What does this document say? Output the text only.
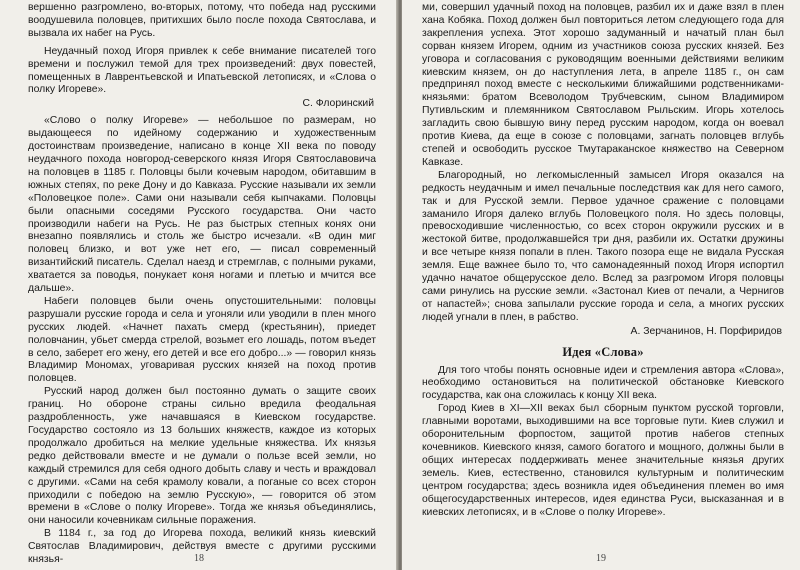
вершенно разгромлено, во-вторых, потому, что победа над русскими воодушевила половцев, притихших было после похода Святослава, и вызвала их набег на Русь.

Неудачный поход Игоря привлек к себе внимание писателей того времени и послужил темой для трех произведений: двух повестей, помещенных в Лаврентьевской и Ипатьевской летописях, и «Слова о полку Игореве».

С. Флоринский

«Слово о полку Игореве» — небольшое по размерам, но выдающееся по идейному содержанию и художественным достоинствам произведение, написано в конце XII века по поводу неудачного похода новгород-северского князя Игоря Святославовича на половцев в 1185 г. Половцы были кочевым народом, обитавшим в южных степях, по реке Дону и до Кавказа. Русские называли их земли «Половецкое поле». Сами они называли себя кыпчаками. Половцы были опасными соседями Русского государства. Они часто производили набеги на Русь. Не раз быстрых степных конях они внезапно появлялись и столь же быстро исчезали. «В один миг половец близко, и вот уже нет его, — писал современный византийский писатель. Сделал наезд и стремглав, с полными руками, хватается за поводья, понукает коня ногами и плетью и мчится все дальше».

Набеги половцев были очень опустошительными: половцы разрушали русские города и села и угоняли или уводили в плен много русских людей. «Начнет пахать смерд (крестьянин), приедет половчанин, убьет смерда стрелой, возьмет его лошадь, потом въедет в село, заберет его жену, его детей и все его добро...» — говорил князь Владимир Мономах, уговаривая русских князей на поход против половцев.

Русский народ должен был постоянно думать о защите своих границ. Но оборонe страны сильно вредила феодальная раздробленность, уже начавшаяся в Киевском государстве. Государство состояло из 13 больших княжеств, каждое из которых продолжало дробиться на мелкие удельные княжества. Их князья редко действовали вместе и не думали о пользе всей земли, но каждый стремился для себя одного добыть славу и честь и враждовал с другими. «Сами на себя крамолу ковали, а поганые со всех сторон приходили с победою на землю Русскую», — говорится об этом времени в «Слове о полку Игореве». Тогда же князья объединялись, они наносили кочевникам сильные поражения.

В 1184 г., за год до Игорева похода, великий князь киевский Святослав Владимирович, действуя вместе с другими русскими князья-	18

ми, совершил удачный поход на половцев, разбил их и даже взял в плен хана Кобяка. Поход должен был повториться летом следующего года для закрепления успеха. Этот хорошо задуманный и начатый план был сорван князем Игорем, одним из участников союза русских князей. Без уговора и согласования с руководящим военными действиями великим киевским князем, он до наступления лета, в апреле 1185 г., он сам предпринял поход вместе с несколькими ближайшими родственниками-князьями: братом Всеволодом Трубчевским, сыном Владимиром Путивльским и племянником Святославом Рыльским. Игорь хотелось загладить свою бывшую вину перед русским народом, когда он воевал против Киева, да еще в союзе с половцами, загнать половцев вглубь степей и освободить русское Тмутараканское княжество на Северном Кавказе.

Благородный, но легкомысленный замысел Игоря оказался на редкость неудачным и имел печальные последствия как для него самого, так и для Русской земли. Первое удачное сражение с половцами заманило Игоря далеко вглубь Половецкого поля. Но здесь половцы, превосходившие численностью, со всех сторон окружили русских и в жестокой битве, продолжавшейся три дня, разбили их. Остатки дружины и все четыре князя попали в плен. Такого позора еще не видала Русская земля. Еще важнее было то, что самонадеянный поход Игоря испортил удачно начатое общерусское дело. Вслед за разгромом Игоря половцы сами ринулись на русские земли. «Застонал Киев от печали, а Чернигов от напастей»; снова запылали русские города и села, а многих русских людей угнали в плен, в рабство.

А. Зерчанинов, Н. Порфиридов

Идея «Слова»

Для того чтобы понять основные идеи и стремления автора «Слова», необходимо остановиться на политической обстановке Киевского государства, как она сложилась к концу XII века.

Город Киев в XI—XII веках был сборным пунктом русской торговли, главными воротами, выходившими на все торговые пути. Киев служил и оборонительным форпостом, защитой против набегов степных кочевников. Киевского князя, самого богатого и мощного, должны были в общих интересах поддерживать менее значительные князья других земель. Киев, естественно, становился культурным и политическим центром государства; здесь возникла идея объединения племен во имя общегосударственных интересов, идея единства Руси, высказанная и в киевских летописях, и в «Слове о полку Игореве».

19
